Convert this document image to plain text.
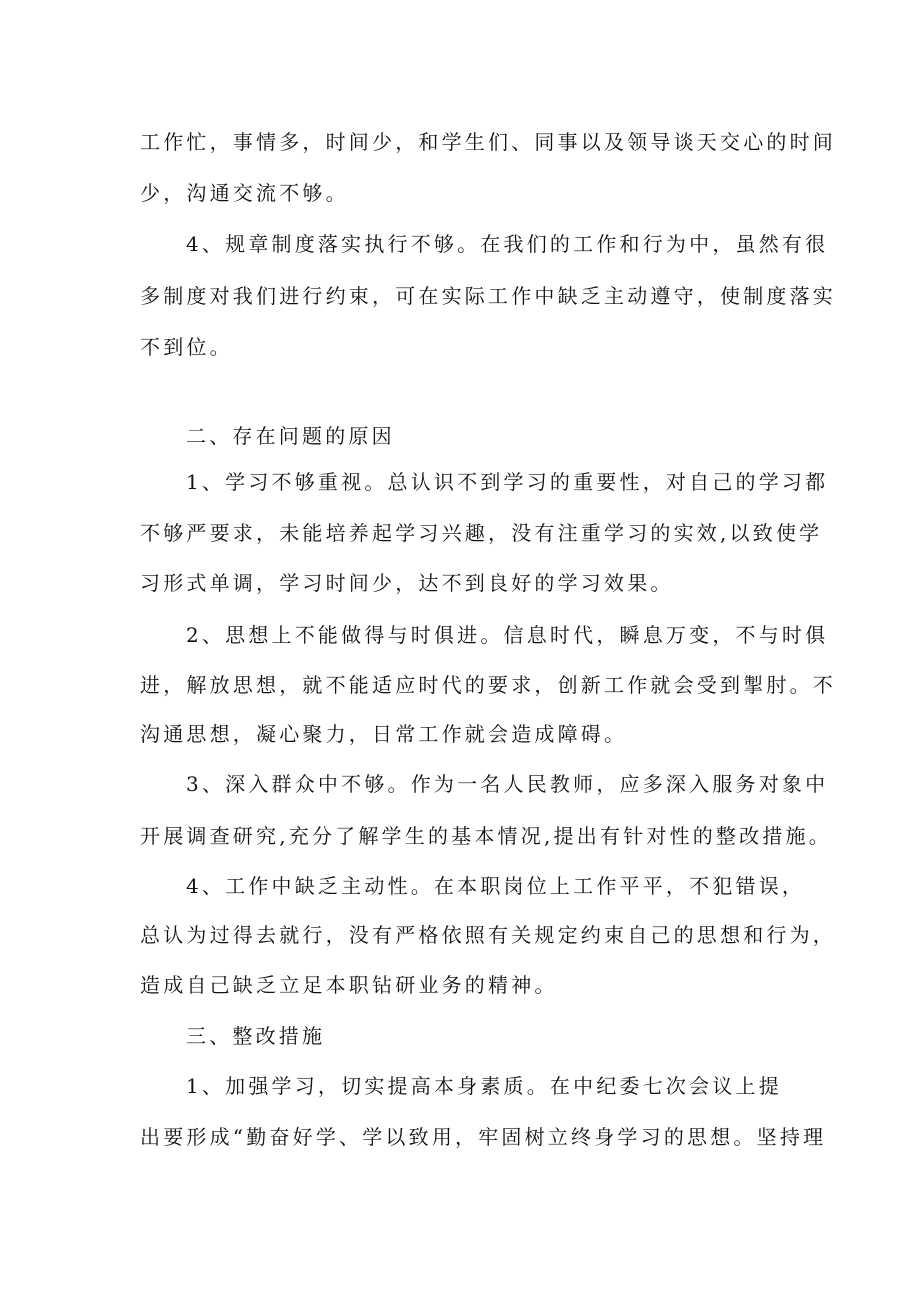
工作忙，事情多，时间少，和学生们、同事以及领导谈天交心的时间
少，沟通交流不够。
4、规章制度落实执行不够。在我们的工作和行为中，虽然有很
多制度对我们进行约束，可在实际工作中缺乏主动遵守，使制度落实
不到位。
二、存在问题的原因
1、学习不够重视。总认识不到学习的重要性，对自己的学习都
不够严要求，未能培养起学习兴趣，没有注重学习的实效,以致使学
习形式单调，学习时间少，达不到良好的学习效果。
2、思想上不能做得与时俱进。信息时代，瞬息万变，不与时俱
进，解放思想，就不能适应时代的要求，创新工作就会受到掣肘。不
沟通思想，凝心聚力，日常工作就会造成障碍。
3、深入群众中不够。作为一名人民教师，应多深入服务对象中
开展调查研究,充分了解学生的基本情况,提出有针对性的整改措施。
4、工作中缺乏主动性。在本职岗位上工作平平，不犯错误，
总认为过得去就行，没有严格依照有关规定约束自己的思想和行为，
造成自己缺乏立足本职钻研业务的精神。
三、整改措施
1、加强学习，切实提高本身素质。在中纪委七次会议上提
出要形成“勤奋好学、学以致用，牢固树立终身学习的思想。坚持理
